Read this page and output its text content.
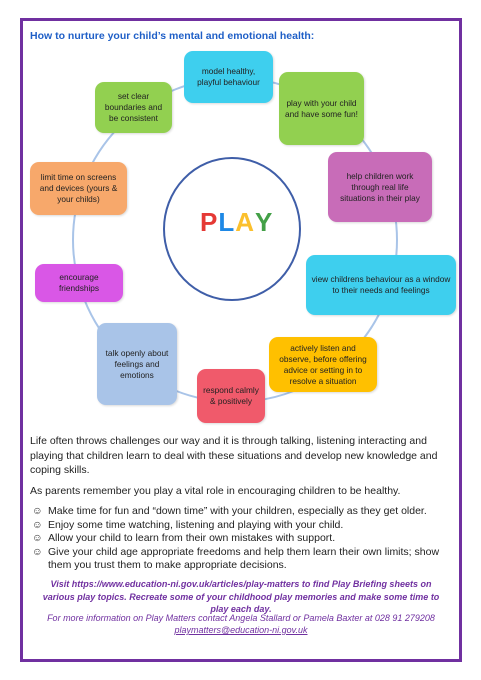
How to nurture your child’s mental and emotional health:
PLAY
model healthy, playful behaviour
play with your child and have some fun!
help children work through real life situations in their play
view childrens behaviour as a window to their needs and feelings
actively listen and observe, before offering advice or setting in to resolve a situation
respond calmly & positively
talk openly about feelings and emotions
encourage friendships
limit time on screens and devices (yours & your childs)
set clear boundaries and be consistent
Life often throws challenges our way and it is through talking, listening interacting and playing that children learn to deal with these situations and develop new knowledge and coping skills.
As parents remember you play a vital role in encouraging children to be healthy.
☺ Make time for fun and “down time” with your children, especially as they get older.
☺ Enjoy some time watching, listening and playing with your child.
☺ Allow your child to learn from their own mistakes with support.
☺ Give your child age appropriate freedoms and help them learn their own limits; show them you trust them to make appropriate decisions.
Visit https://www.education-ni.gov.uk/articles/play-matters to find Play Briefing sheets on various play topics. Recreate some of your childhood play memories and make some time to play each day.
For more information on Play Matters contact Angela Stallard or Pamela Baxter at 028 91 279208
playmatters@education-ni.gov.uk
